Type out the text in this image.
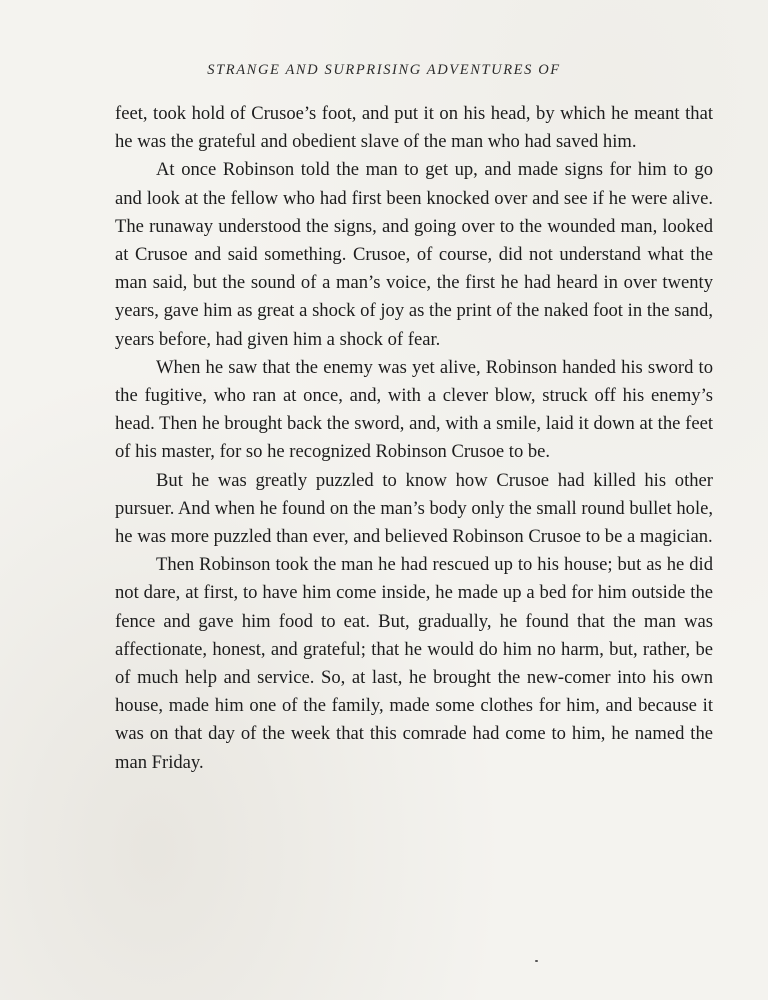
STRANGE AND SURPRISING ADVENTURES OF

feet, took hold of Crusoe’s foot, and put it on his head, by which he meant that he was the grateful and obedient slave of the man who had saved him.

At once Robinson told the man to get up, and made signs for him to go and look at the fellow who had first been knocked over and see if he were alive. The runaway understood the signs, and going over to the wounded man, looked at Crusoe and said something. Crusoe, of course, did not understand what the man said, but the sound of a man’s voice, the first he had heard in over twenty years, gave him as great a shock of joy as the print of the naked foot in the sand, years before, had given him a shock of fear.

When he saw that the enemy was yet alive, Robinson handed his sword to the fugitive, who ran at once, and, with a clever blow, struck off his enemy’s head. Then he brought back the sword, and, with a smile, laid it down at the feet of his master, for so he recognized Robinson Crusoe to be.

But he was greatly puzzled to know how Crusoe had killed his other pursuer. And when he found on the man’s body only the small round bullet hole, he was more puzzled than ever, and believed Robinson Crusoe to be a magician.

Then Robinson took the man he had rescued up to his house; but as he did not dare, at first, to have him come inside, he made up a bed for him outside the fence and gave him food to eat. But, gradually, he found that the man was affectionate, honest, and grateful; that he would do him no harm, but, rather, be of much help and service. So, at last, he brought the new-comer into his own house, made him one of the family, made some clothes for him, and because it was on that day of the week that this comrade had come to him, he named the man Friday.
